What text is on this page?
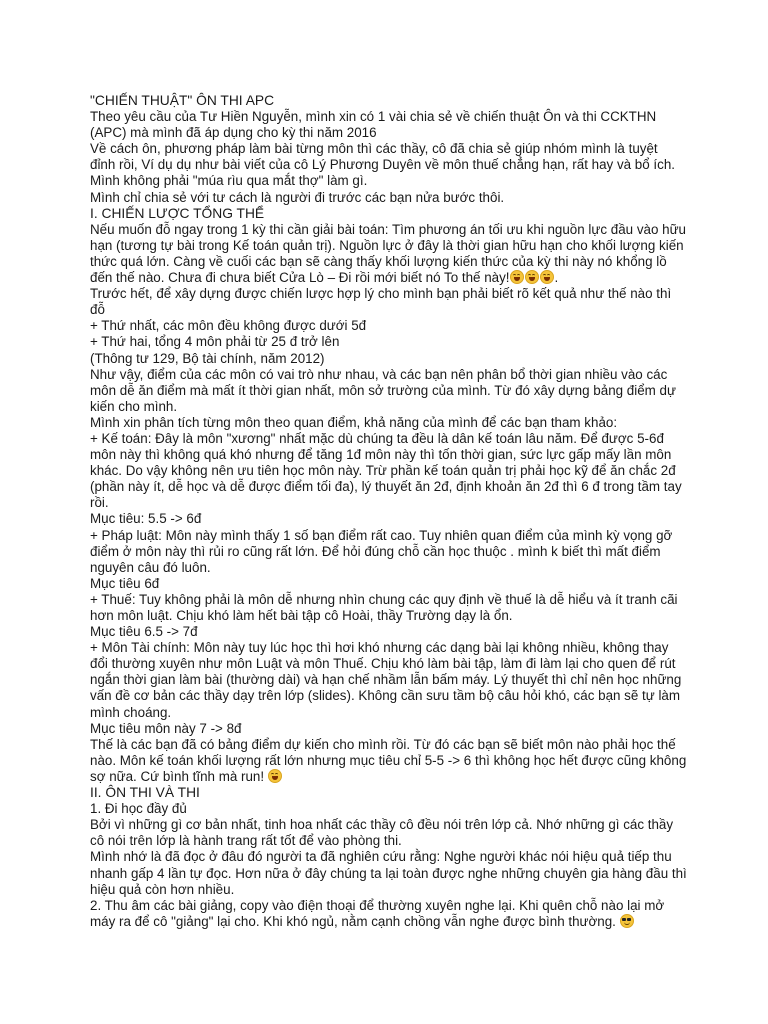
"CHIẾN THUẬT" ÔN THI APC

Theo yêu cầu của Tư Hiền Nguyễn, mình xin có 1 vài chia sẻ về chiến thuật Ôn và thi CCKTHN

(APC) mà mình đã áp dụng cho kỳ thi năm 2016

Về cách ôn, phương pháp làm bài từng môn thì các thầy, cô đã chia sẻ giúp nhóm mình là tuyệt

đỉnh rồi, Ví dụ dụ như bài viết của cô Lý Phương Duyên về môn thuế chẳng hạn, rất hay và bổ ích.

Mình không phải "múa rìu qua mắt thợ" làm gì.

Mình chỉ chia sẻ với tư cách là người đi trước các bạn nửa bước thôi.

I. CHIẾN LƯỢC TỔNG THỂ

Nếu muốn đỗ ngay trong 1 kỳ thi cần giải bài toán: Tìm phương án tối ưu khi nguồn lực đầu vào hữu

hạn (tương tự bài trong Kế toán quản trị). Nguồn lực ở đây là thời gian hữu hạn cho khối lượng kiến

thức quá lớn. Càng về cuối các bạn sẽ càng thấy khối lượng kiến thức của kỳ thi này nó khổng lồ

đến thế nào. Chưa đi chưa biết Cửa Lò – Đi rồi mới biết nó To thế này!	.

Trước hết, để xây dựng được chiến lược hợp lý cho mình bạn phải biết rõ kết quả như thế nào thì

đỗ

+ Thứ nhất, các môn đều không được dưới 5đ

+ Thứ hai, tổng 4 môn phải từ 25 đ trở lên

(Thông tư 129, Bộ tài chính, năm 2012)

Như vậy, điểm của các môn có vai trò như nhau, và các bạn nên phân bổ thời gian nhiều vào các

môn dễ ăn điểm mà mất ít thời gian nhất, môn sở trường của mình. Từ đó xây dựng bảng điểm dự

kiến cho mình.

Mình xin phân tích từng môn theo quan điểm, khả năng của mình để các bạn tham khảo:

+ Kế toán: Đây là môn "xương" nhất mặc dù chúng ta đều là dân kế toán lâu năm. Để được 5-6đ

môn này thì không quá khó nhưng để tăng 1đ môn này thì tốn thời gian, sức lực gấp mấy lần môn

khác. Do vậy không nên ưu tiên học môn này. Trừ phần kế toán quản trị phải học kỹ để ăn chắc 2đ

(phần này ít, dễ học và dễ được điểm tối đa), lý thuyết ăn 2đ, định khoản ăn 2đ thì 6 đ trong tầm tay

rồi.

Mục tiêu: 5.5 -> 6đ

+ Pháp luật: Môn này mình thấy 1 số bạn điểm rất cao. Tuy nhiên quan điểm của mình kỳ vọng gỡ

điểm ở môn này thì rủi ro cũng rất lớn. Để hỏi đúng chỗ cần học thuộc . mình k biết thì mất điểm

nguyên câu đó luôn.

Mục tiêu 6đ

+ Thuế: Tuy không phải là môn dễ nhưng nhìn chung các quy định về thuế là dễ hiểu và ít tranh cãi

hơn môn luật. Chịu khó làm hết bài tập cô Hoài, thầy Trường dạy là ổn.

Mục tiêu 6.5 -> 7đ

+ Môn Tài chính: Môn này tuy lúc học thì hơi khó nhưng các dạng bài lại không nhiều, không thay

đổi thường xuyên như môn Luật và môn Thuế. Chịu khó làm bài tập, làm đi làm lại cho quen để rút

ngắn thời gian làm bài (thường dài) và hạn chế nhầm lẫn bấm máy. Lý thuyết thì chỉ nên học những

vấn đề cơ bản các thầy dạy trên lớp (slides). Không cần sưu tầm bộ câu hỏi khó, các bạn sẽ tự làm

mình choáng.

Mục tiêu môn này 7 -> 8đ

Thế là các bạn đã có bảng điểm dự kiến cho mình rồi. Từ đó các bạn sẽ biết môn nào phải học thế

nào. Môn kế toán khối lượng rất lớn nhưng mục tiêu chỉ 5-5 -> 6 thì không học hết được cũng không

sợ nữa. Cứ bình tĩnh mà run!

II. ÔN THI VÀ THI

1. Đi học đầy đủ

Bởi vì những gì cơ bản nhất, tinh hoa nhất các thầy cô đều nói trên lớp cả. Nhớ những gì các thầy

cô nói trên lớp là hành trang rất tốt để vào phòng thi.

Mình nhớ là đã đọc ở đâu đó người ta đã nghiên cứu rằng: Nghe người khác nói hiệu quả tiếp thu

nhanh gấp 4 lần tự đọc. Hơn nữa ở đây chúng ta lại toàn được nghe những chuyên gia hàng đầu thì

hiệu quả còn hơn nhiều.

2. Thu âm các bài giảng, copy vào điện thoại để thường xuyên nghe lại. Khi quên chỗ nào lại mở

máy ra để cô "giảng" lại cho. Khi khó ngủ, nằm cạnh chồng vẫn nghe được bình thường.
